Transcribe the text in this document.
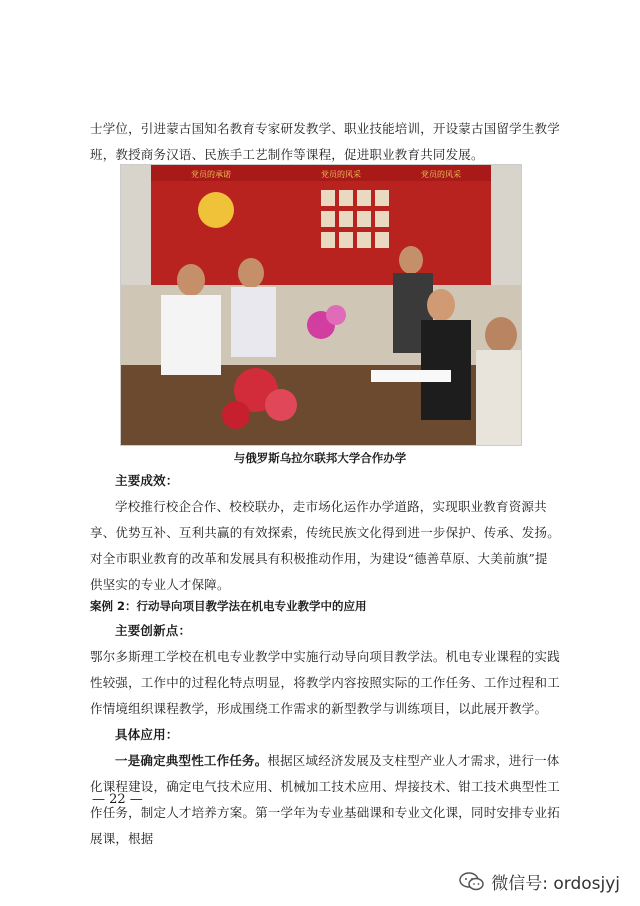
士学位，引进蒙古国知名教育专家研发教学、职业技能培训，开设蒙古国留学生教学班，教授商务汉语、民族手工艺制作等课程，促进职业教育共同发展。
党员的承诺	党员的风采	党员的风采
与俄罗斯乌拉尔联邦大学合作办学
主要成效：
学校推行校企合作、校校联办，走市场化运作办学道路，实现职业教育资源共享、优势互补、互利共赢的有效探索，传统民族文化得到进一步保护、传承、发扬。对全市职业教育的改革和发展具有积极推动作用，为建设“德善草原、大美前旗”提供坚实的专业人才保障。
案例 2：行动导向项目教学法在机电专业教学中的应用
主要创新点：
鄂尔多斯理工学校在机电专业教学中实施行动导向项目教学法。机电专业课程的实践性较强，工作中的过程化特点明显，将教学内容按照实际的工作任务、工作过程和工作情境组织课程教学，形成围绕工作需求的新型教学与训练项目，以此展开教学。
具体应用：
一是确定典型性工作任务。根据区域经济发展及支柱型产业人才需求，进行一体化课程建设，确定电气技术应用、机械加工技术应用、焊接技术、钳工技术典型性工作任务，制定人才培养方案。第一学年为专业基础课和专业文化课，同时安排专业拓展课，根据
— 22 —
微信号: ordosjyj
